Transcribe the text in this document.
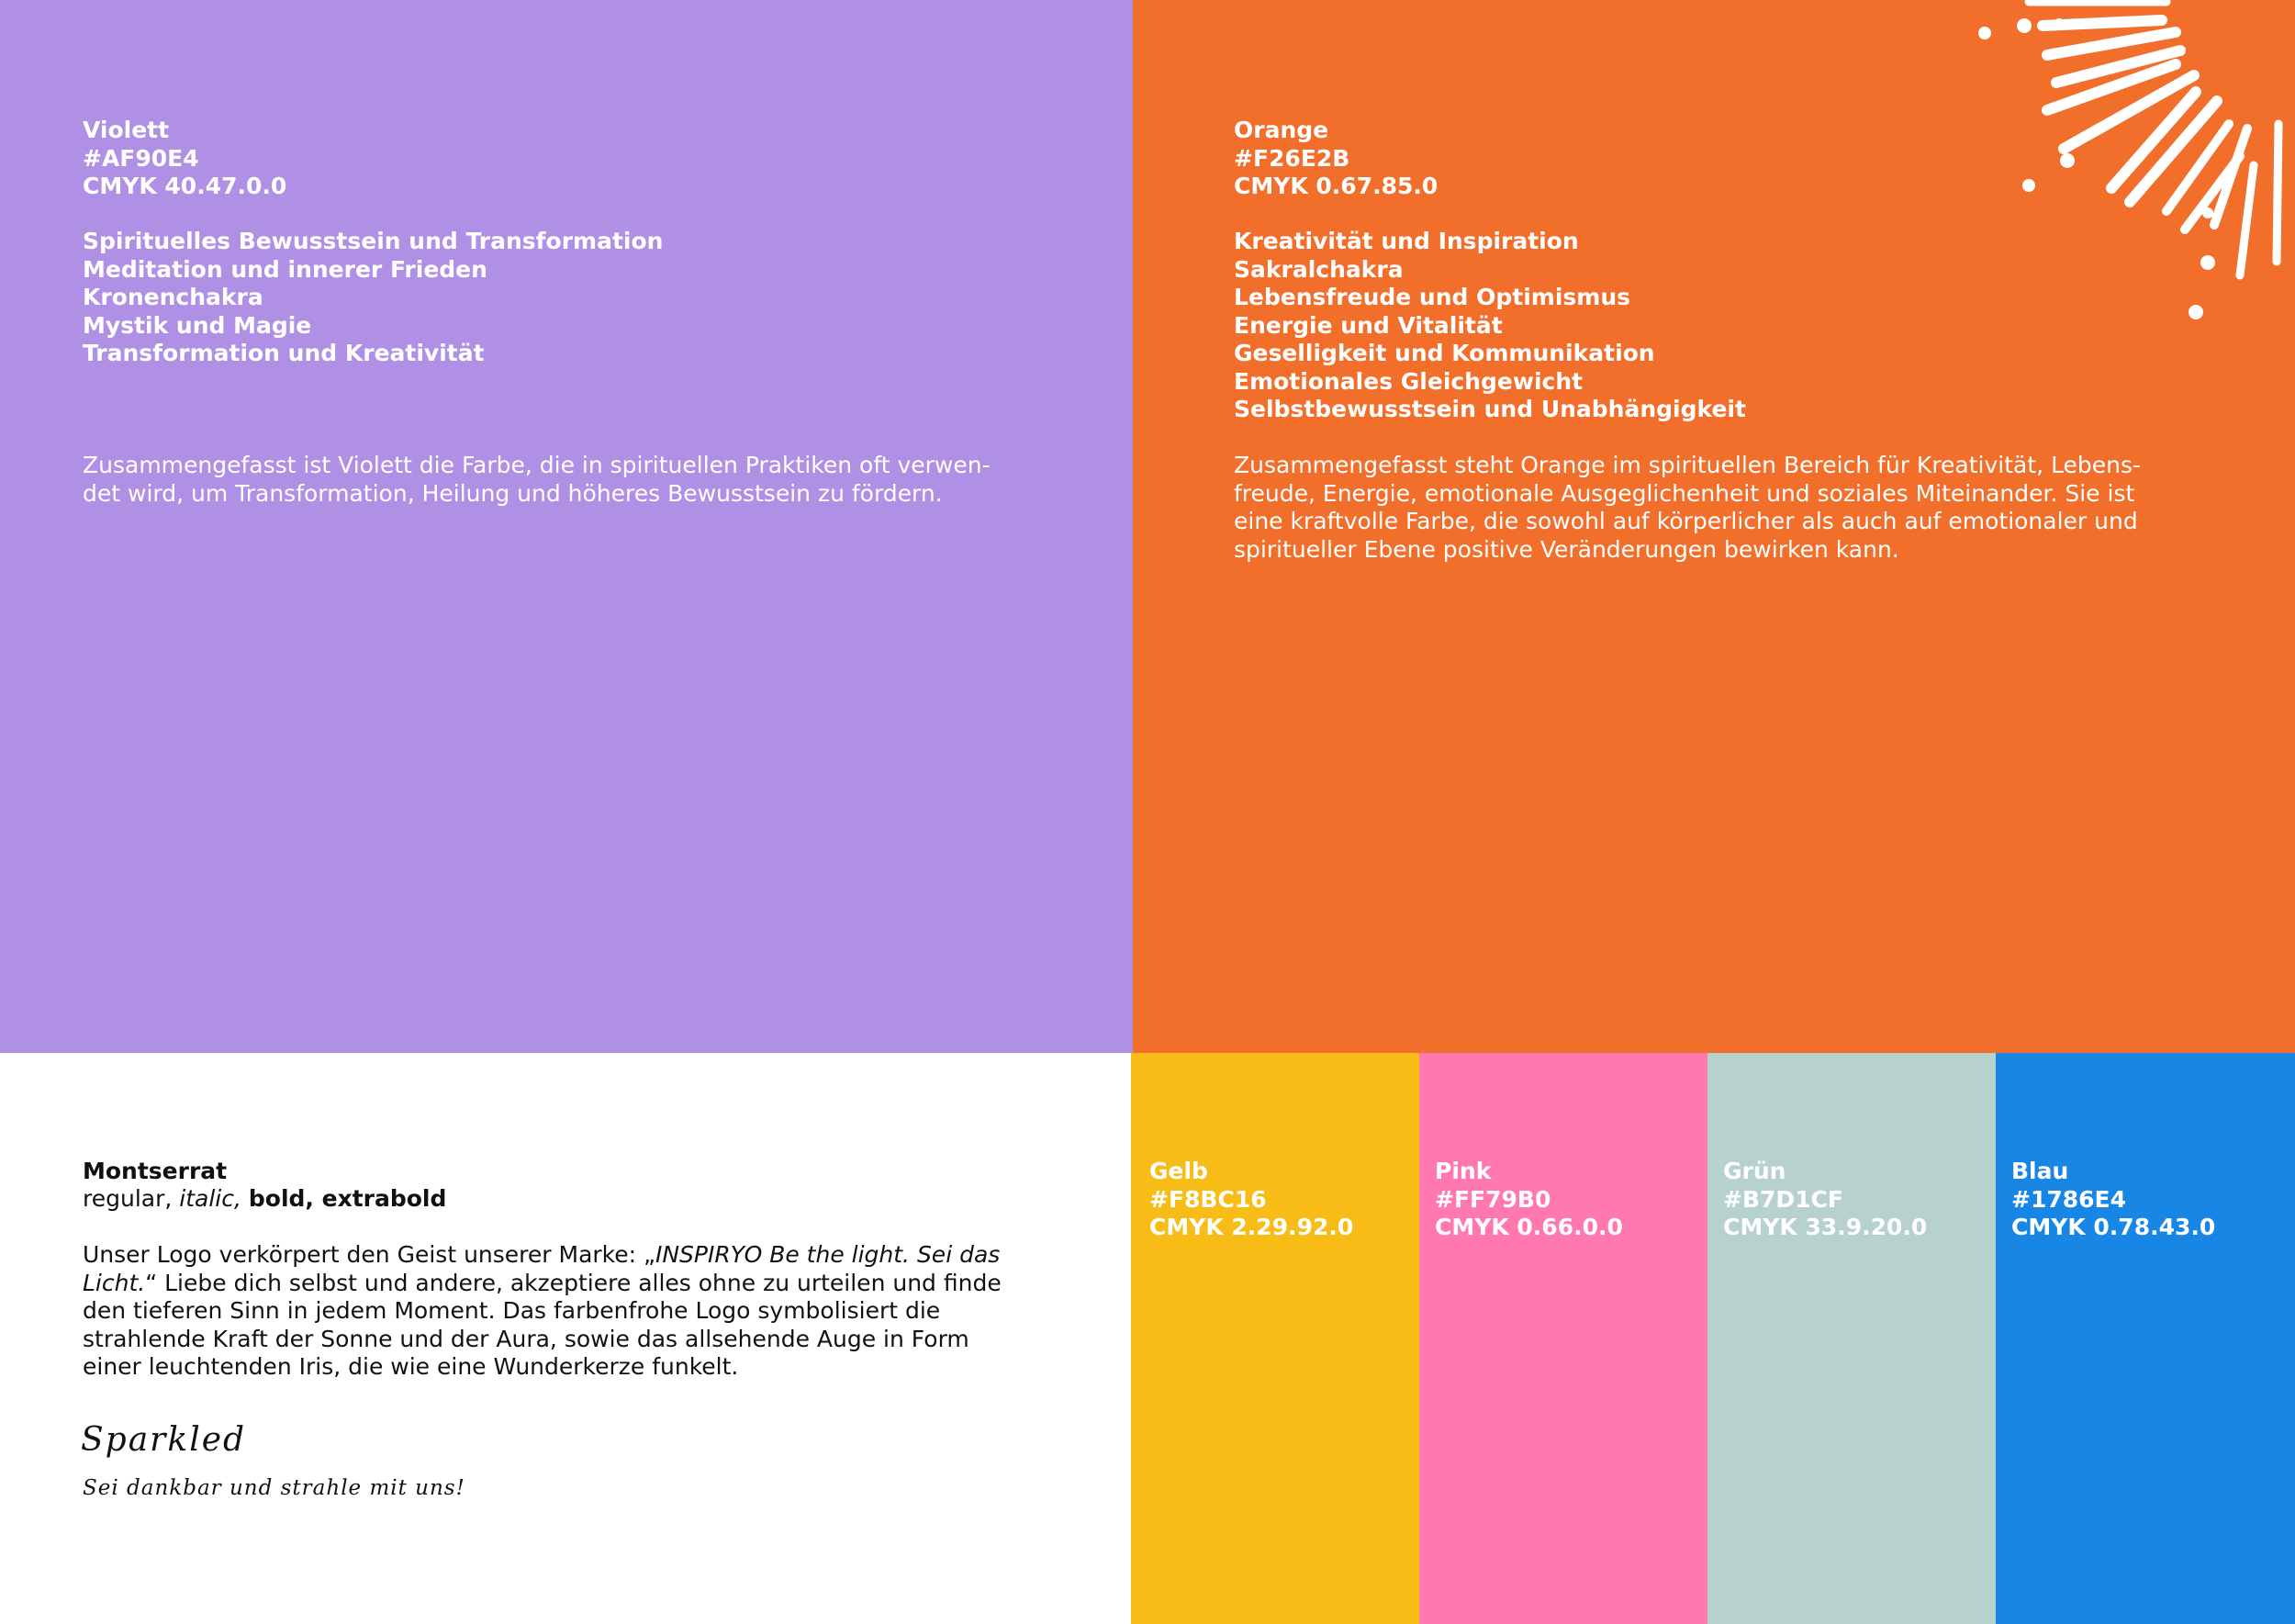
Violett
#AF90E4
CMYK 40.47.0.0
Spirituelles Bewusstsein und Transformation
Meditation und innerer Frieden
Kronenchakra
Mystik und Magie
Transformation und Kreativität
Zusammengefasst ist Violett die Farbe, die in spirituellen Praktiken oft verwen-
det wird, um Transformation, Heilung und höheres Bewusstsein zu fördern.
Orange
#F26E2B
CMYK 0.67.85.0
Kreativität und Inspiration
Sakralchakra
Lebensfreude und Optimismus
Energie und Vitalität
Geselligkeit und Kommunikation
Emotionales Gleichgewicht
Selbstbewusstsein und Unabhängigkeit
Zusammengefasst steht Orange im spirituellen Bereich für Kreativität, Lebens-
freude, Energie, emotionale Ausgeglichenheit und soziales Miteinander. Sie ist
eine kraftvolle Farbe, die sowohl auf körperlicher als auch auf emotionaler und
spiritueller Ebene positive Veränderungen bewirken kann.
Montserrat
regular, italic, bold, extrabold
Unser Logo verkörpert den Geist unserer Marke: „INSPIRYO Be the light. Sei das
Licht.“ Liebe dich selbst und andere, akzeptiere alles ohne zu urteilen und finde
den tieferen Sinn in jedem Moment. Das farbenfrohe Logo symbolisiert die
strahlende Kraft der Sonne und der Aura, sowie das allsehende Auge in Form
einer leuchtenden Iris, die wie eine Wunderkerze funkelt.
Sparkled
Sei dankbar und strahle mit uns!
Gelb
#F8BC16
CMYK 2.29.92.0
Pink
#FF79B0
CMYK 0.66.0.0
Grün
#B7D1CF
CMYK 33.9.20.0
Blau
#1786E4
CMYK 0.78.43.0
